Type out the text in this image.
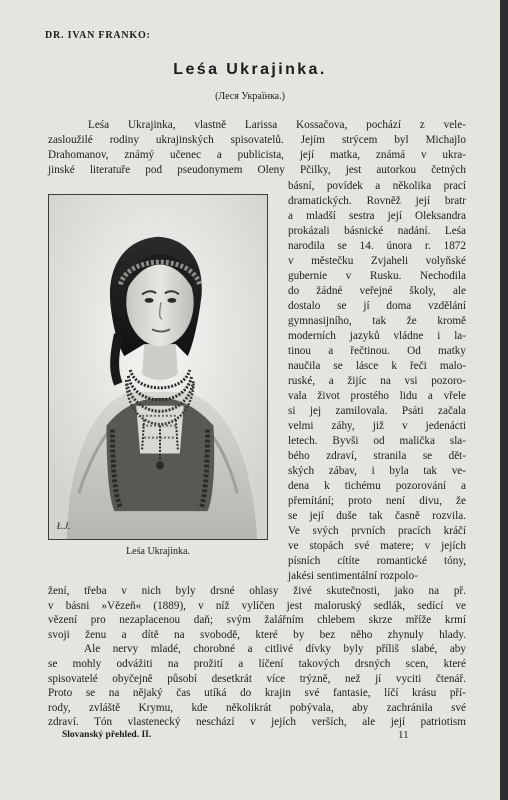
DR. IVAN FRANKO:
Leśa Ukrajinka.
(Леся Українка.)
Leśa Ukrajinka, vlastně Larissa Kossačova, pochází z vele-
zasloužilé rodiny ukrajinských spisovatelů. Jejím strýcem byl Michajlo
Drahomanov, známý učenec a publicista, její matka, známá v ukra-
jinské literatuře pod pseudonymem Oleny Pčilky, jest autorkou četných
Ł.J.
Leśa Ukrajinka.
Slovanský přehled. II.	11
básní, povídek a několika prací
dramatických. Rovněž její bratr
a mladší sestra její Oleksandra
prokázali básnické nadání. Leśa
narodila se 14. února r. 1872
v městečku Zvjaheli volyňské
gubernie v Rusku. Nechodila
do žádné veřejné školy, ale
dostalo se jí doma vzdělání
gymnasijního, tak že kromě
moderních jazyků vládne i la-
tinou a řečtinou. Od matky
naučila se lásce k řeči malo-
ruské, a žijíc na vsi pozoro-
vala život prostého lidu a vřele
si jej zamilovala. Psáti začala
velmi záhy, již v jedenácti
letech. Byvši od malička sla-
bého zdraví, stranila se dět-
ských zábav, i byla tak ve-
dena k tichému pozorování a
přemítání; proto není divu, že
se její duše tak časně rozvila.
Ve svých prvních pracích kráčí
ve stopách své matere; v jejích
písních cítíte romantické tóny,
jakési sentimentální rozpolo-
žení, třeba v nich byly drsné ohlasy živé skutečnosti, jako na př.
v básni »Vězeň« (1889), v níž vylíčen jest maloruský sedlák, sedící ve
vězení pro nezaplacenou daň; svým žalářním chlebem skrze mříže krmí
svoji ženu a dítě na svobodě, které by bez něho zhynuly hlady.
Ale nervy mladé, chorobné a citlivé dívky byly příliš slabé, aby
se mohly odvážiti na prožití a líčení takových drsných scen, které
spisovatelé obyčejně působí desetkrát více trýzně, než jí vyciti čtenář.
Proto se na nějaký čas utíká do krajin své fantasie, líčí krásu pří-
rody, zvláště Krymu, kde několikrát pobývala, aby zachránila své
zdraví. Tón vlastenecký neschází v jejích verších, ale její patriotism
